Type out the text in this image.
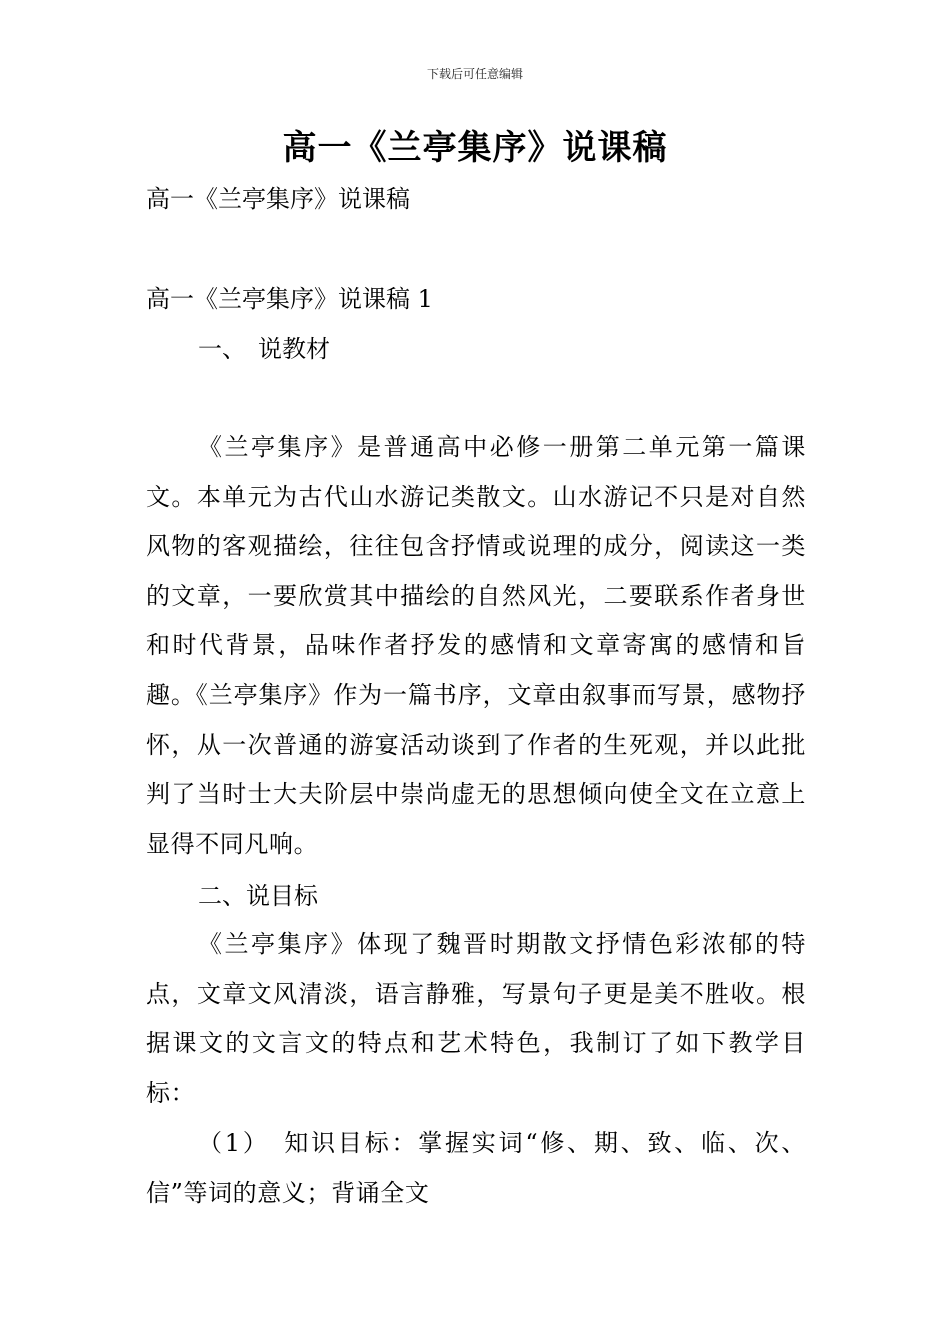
下载后可任意编辑
高一《兰亭集序》说课稿
高一《兰亭集序》说课稿
高一《兰亭集序》说课稿 1
一、　说教材
《兰亭集序》是普通高中必修一册第二单元第一篇课文。本单元为古代山水游记类散文。山水游记不只是对自然风物的客观描绘，往往包含抒情或说理的成分，阅读这一类的文章，一要欣赏其中描绘的自然风光，二要联系作者身世和时代背景，品味作者抒发的感情和文章寄寓的感情和旨趣。《兰亭集序》作为一篇书序，文章由叙事而写景，感物抒怀，从一次普通的游宴活动谈到了作者的生死观，并以此批判了当时士大夫阶层中崇尚虚无的思想倾向使全文在立意上显得不同凡响。
二、说目标
《兰亭集序》体现了魏晋时期散文抒情色彩浓郁的特点，文章文风清淡，语言静雅，写景句子更是美不胜收。根据课文的文言文的特点和艺术特色，我制订了如下教学目标：
（1）　知识目标：掌握实词“修、期、致、临、次、信”等词的意义；背诵全文
